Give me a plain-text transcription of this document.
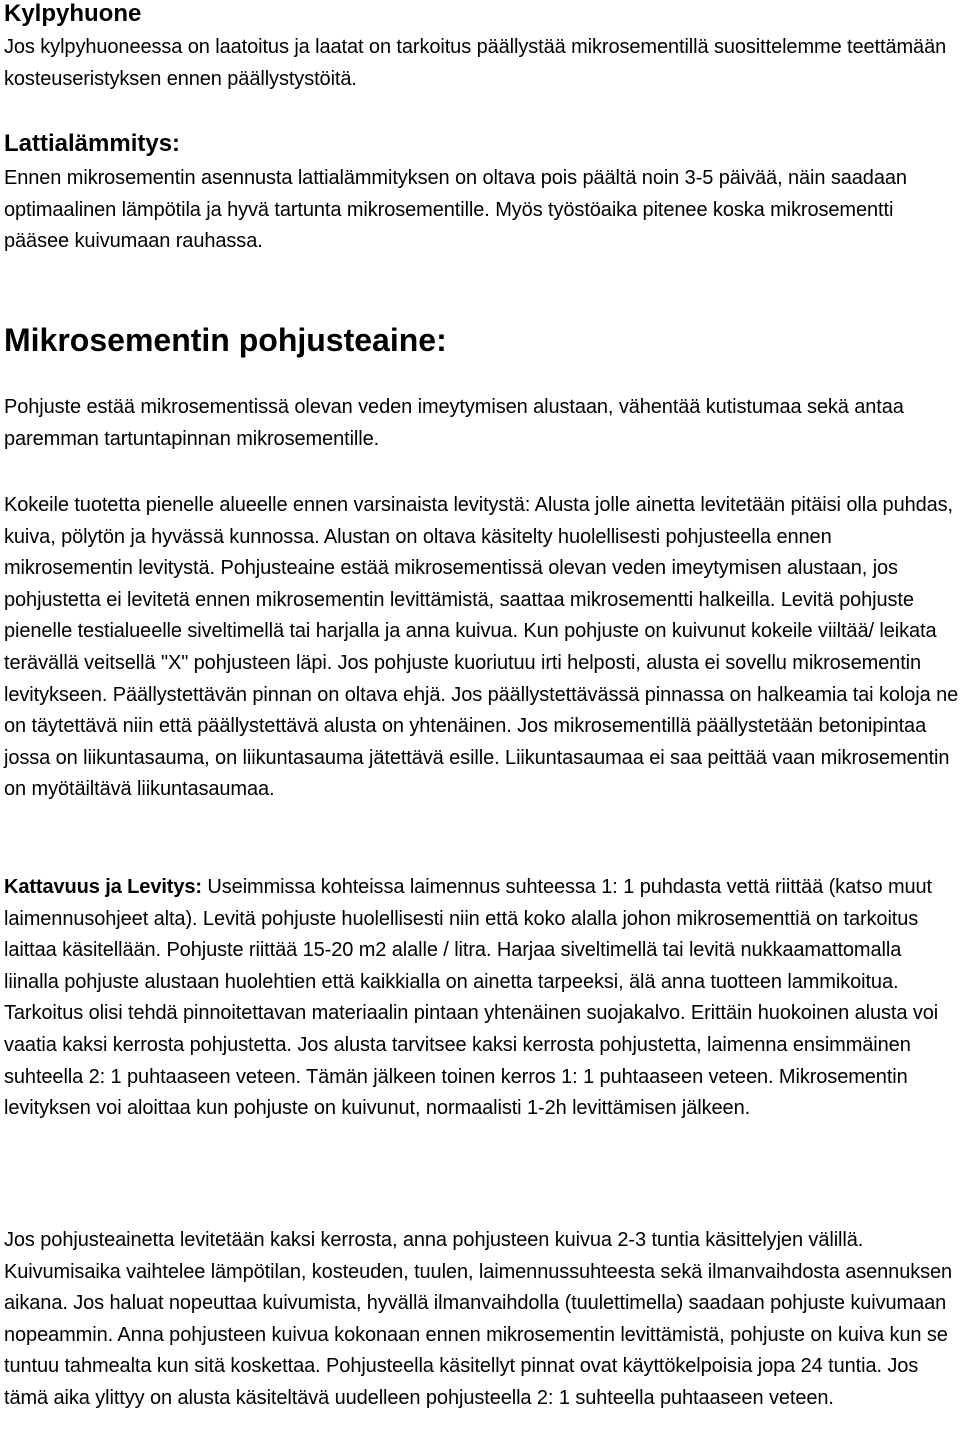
Kylpyhuone

Jos kylpyhuoneessa on laatoitus ja laatat on tarkoitus päällystää mikrosementillä suosittelemme teettämään kosteuseristyksen ennen päällystystöitä.

Lattialämmitys:

Ennen mikrosementin asennusta lattialämmityksen on oltava pois päältä noin 3-5 päivää, näin saadaan optimaalinen lämpötila ja hyvä tartunta mikrosementille. Myös työstöaika pitenee koska mikrosementti pääsee kuivumaan rauhassa.

Mikrosementin pohjusteaine:

Pohjuste estää mikrosementissä olevan veden imeytymisen alustaan, vähentää kutistumaa sekä antaa paremman tartuntapinnan mikrosementille.

Kokeile tuotetta pienelle alueelle ennen varsinaista levitystä: Alusta jolle ainetta levitetään pitäisi olla puhdas, kuiva, pölytön ja hyvässä kunnossa. Alustan on oltava käsitelty huolellisesti pohjusteella ennen mikrosementin levitystä. Pohjusteaine estää mikrosementissä olevan veden imeytymisen alustaan, jos pohjustetta ei levitetä ennen mikrosementin levittämistä, saattaa mikrosementti halkeilla. Levitä pohjuste pienelle testialueelle siveltimellä tai harjalla ja anna kuivua. Kun pohjuste on kuivunut kokeile viiltää/ leikata terävällä veitsellä "X" pohjusteen läpi. Jos pohjuste kuoriutuu irti helposti, alusta ei sovellu mikrosementin levitykseen. Päällystettävän pinnan on oltava ehjä. Jos päällystettävässä pinnassa on halkeamia tai koloja ne on täytettävä niin että päällystettävä alusta on yhtenäinen. Jos mikrosementillä päällystetään betonipintaa jossa on liikuntasauma, on liikuntasauma jätettävä esille. Liikuntasaumaa ei saa peittää vaan mikrosementin on myötäiltävä liikuntasaumaa.

Kattavuus ja Levitys: Useimmissa kohteissa laimennus suhteessa 1: 1 puhdasta vettä riittää (katso muut laimennusohjeet alta). Levitä pohjuste huolellisesti niin että koko alalla johon mikrosementtiä on tarkoitus laittaa käsitellään. Pohjuste riittää 15-20 m2 alalle / litra. Harjaa siveltimellä tai levitä nukkaamattomalla liinalla pohjuste alustaan huolehtien että kaikkialla on ainetta tarpeeksi, älä anna tuotteen lammikoitua. Tarkoitus olisi tehdä pinnoitettavan materiaalin pintaan yhtenäinen suojakalvo. Erittäin huokoinen alusta voi vaatia kaksi kerrosta pohjustetta. Jos alusta tarvitsee kaksi kerrosta pohjustetta, laimenna ensimmäinen suhteella 2: 1 puhtaaseen veteen. Tämän jälkeen toinen kerros 1: 1 puhtaaseen veteen. Mikrosementin levityksen voi aloittaa kun pohjuste on kuivunut, normaalisti 1-2h levittämisen jälkeen.

Jos pohjusteainetta levitetään kaksi kerrosta, anna pohjusteen kuivua 2-3 tuntia käsittelyjen välillä. Kuivumisaika vaihtelee lämpötilan, kosteuden, tuulen, laimennussuhteesta sekä ilmanvaihdosta asennuksen aikana. Jos haluat nopeuttaa kuivumista, hyvällä ilmanvaihdolla (tuulettimella) saadaan pohjuste kuivumaan nopeammin. Anna pohjusteen kuivua kokonaan ennen mikrosementin levittämistä, pohjuste on kuiva kun se tuntuu tahmealta kun sitä koskettaa. Pohjusteella käsitellyt pinnat ovat käyttökelpoisia jopa 24 tuntia. Jos tämä aika ylittyy on alusta käsiteltävä uudelleen pohjusteella 2: 1 suhteella puhtaaseen veteen.
